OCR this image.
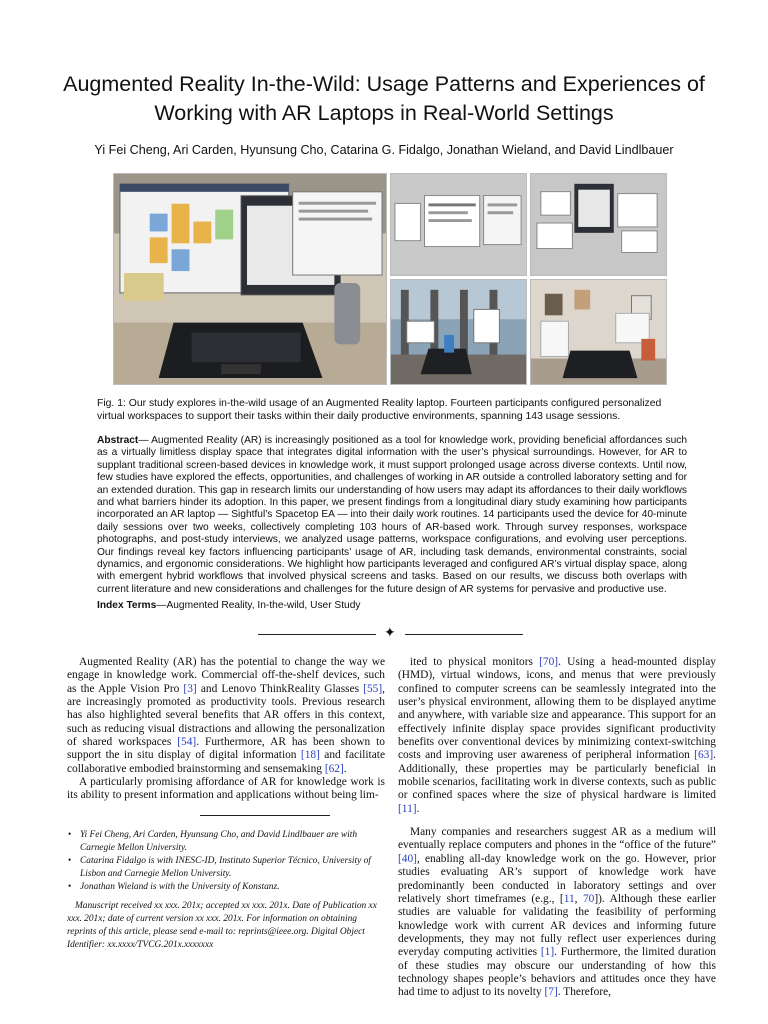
Augmented Reality In-the-Wild: Usage Patterns and Experiences of Working with AR Laptops in Real-World Settings
Yi Fei Cheng, Ari Carden, Hyunsung Cho, Catarina G. Fidalgo, Jonathan Wieland, and David Lindlbauer
Fig. 1: Our study explores in-the-wild usage of an Augmented Reality laptop. Fourteen participants configured personalized virtual workspaces to support their tasks within their daily productive environments, spanning 143 usage sessions.
Abstract— Augmented Reality (AR) is increasingly positioned as a tool for knowledge work, providing beneficial affordances such as a virtually limitless display space that integrates digital information with the user’s physical surroundings. However, for AR to supplant traditional screen-based devices in knowledge work, it must support prolonged usage across diverse contexts. Until now, few studies have explored the effects, opportunities, and challenges of working in AR outside a controlled laboratory setting and for an extended duration. This gap in research limits our understanding of how users may adapt its affordances to their daily workflows and what barriers hinder its adoption. In this paper, we present findings from a longitudinal diary study examining how participants incorporated an AR laptop — Sightful’s Spacetop EA — into their daily work routines. 14 participants used the device for 40-minute daily sessions over two weeks, collectively completing 103 hours of AR-based work. Through survey responses, workspace photographs, and post-study interviews, we analyzed usage patterns, workspace configurations, and evolving user perceptions. Our findings reveal key factors influencing participants’ usage of AR, including task demands, environmental constraints, social dynamics, and ergonomic considerations. We highlight how participants leveraged and configured AR’s virtual display space, along with emergent hybrid workflows that involved physical screens and tasks. Based on our results, we discuss both overlaps with current literature and new considerations and challenges for the future design of AR systems for pervasive and productive use.
Index Terms—Augmented Reality, In-the-wild, User Study
✦

Augmented Reality (AR) has the potential to change the way we engage in knowledge work. Commercial off-the-shelf devices, such as the Apple Vision Pro [3] and Lenovo ThinkReality Glasses [55], are increasingly promoted as productivity tools. Previous research has also highlighted several benefits that AR offers in this context, such as reducing visual distractions and allowing the personalization of shared workspaces [54]. Furthermore, AR has been shown to support the in situ display of digital information [18] and facilitate collaborative embodied brainstorming and sensemaking [62].

A particularly promising affordance of AR for knowledge work is its ability to present information and applications without being lim-

ited to physical monitors [70]. Using a head-mounted display (HMD), virtual windows, icons, and menus that were previously confined to computer screens can be seamlessly integrated into the user’s physical environment, allowing them to be displayed anytime and anywhere, with variable size and appearance. This support for an effectively infinite display space provides significant productivity benefits over conventional devices by minimizing context-switching costs and improving user awareness of peripheral information [63]. Additionally, these properties may be particularly beneficial in mobile scenarios, facilitating work in diverse contexts, such as public or confined spaces where the size of physical hardware is limited [11].

Many companies and researchers suggest AR as a medium will eventually replace computers and phones in the “office of the future” [40], enabling all-day knowledge work on the go. However, prior studies evaluating AR’s support of knowledge work have predominantly been conducted in laboratory settings and over relatively short timeframes (e.g., [11, 70]). Although these earlier studies are valuable for validating the feasibility of performing knowledge work with current AR devices and informing future developments, they may not fully reflect user experiences during everyday computing activities [1]. Furthermore, the limited duration of these studies may obscure our understanding of how this technology shapes people’s behaviors and attitudes once they have had time to adjust to its novelty [7]. Therefore,

• Yi Fei Cheng, Ari Carden, Hyunsung Cho, and David Lindlbauer are with Carnegie Mellon University.
• Catarina Fidalgo is with INESC-ID, Instituto Superior Técnico, University of Lisbon and Carnegie Mellon University.
• Jonathan Wieland is with the University of Konstanz.
Manuscript received xx xxx. 201x; accepted xx xxx. 201x. Date of Publication xx xxx. 201x; date of current version xx xxx. 201x. For information on obtaining reprints of this article, please send e-mail to: reprints@ieee.org. Digital Object Identifier: xx.xxxx/TVCG.201x.xxxxxxx
